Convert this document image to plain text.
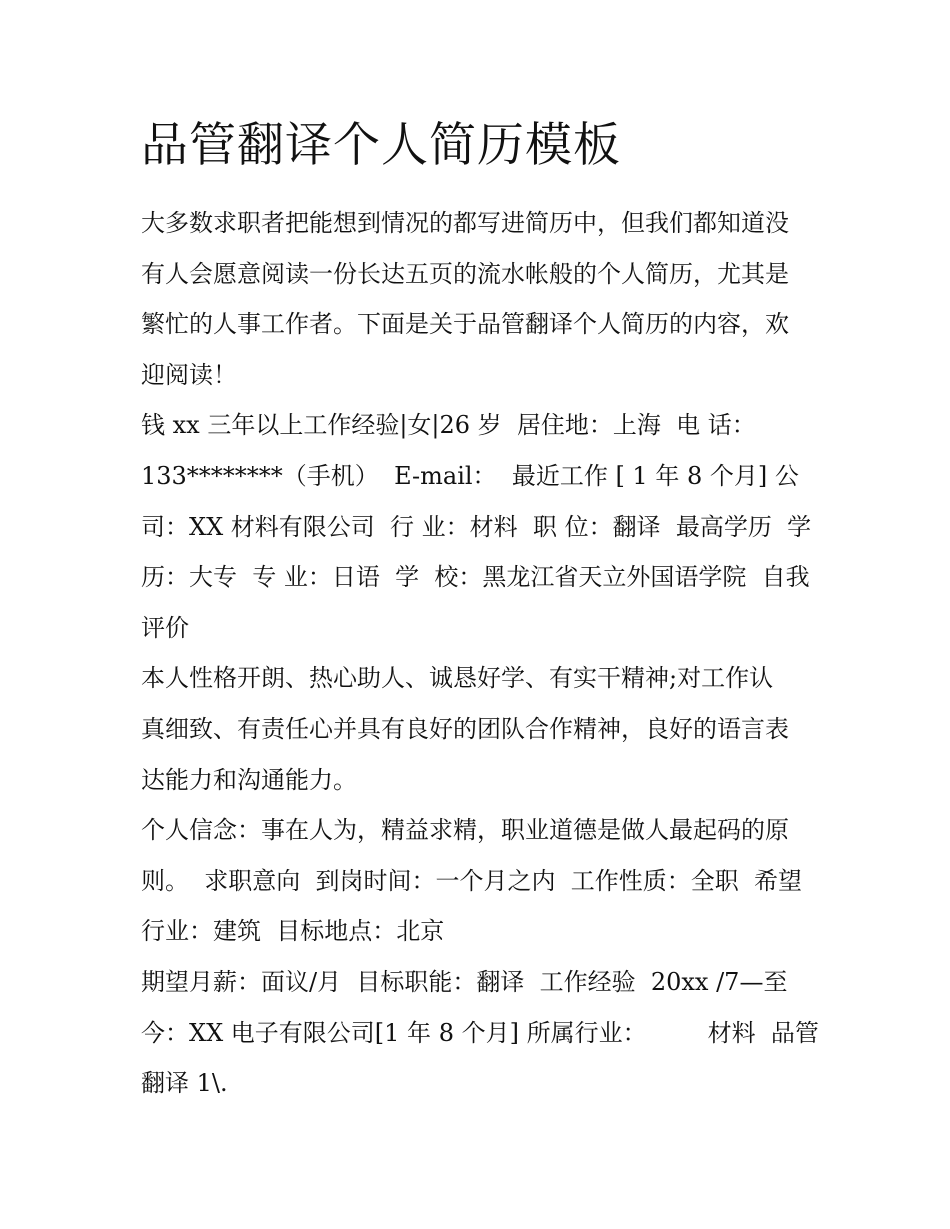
品管翻译个人简历模板
大多数求职者把能想到情况的都写进简历中，但我们都知道没
有人会愿意阅读一份长达五页的流水帐般的个人简历，尤其是
繁忙的人事工作者。下面是关于品管翻译个人简历的内容，欢
迎阅读！
钱 xx 三年以上工作经验|女|26 岁  居住地：上海  电 话：
133********（手机）  E-mail：  最近工作 [ 1 年 8 个月] 公
司：XX 材料有限公司  行 业：材料  职 位：翻译  最高学历  学
历：大专  专 业：日语  学  校：黑龙江省天立外国语学院  自我
评价
本人性格开朗、热心助人、诚恳好学、有实干精神;对工作认
真细致、有责任心并具有良好的团队合作精神，良好的语言表
达能力和沟通能力。
个人信念：事在人为，精益求精，职业道德是做人最起码的原
则。  求职意向  到岗时间：一个月之内  工作性质：全职  希望
行业：建筑  目标地点：北京
期望月薪：面议/月  目标职能：翻译  工作经验  20xx /7—至
今：XX 电子有限公司[1 年 8 个月] 所属行业：        材料  品管
翻译 1\.
